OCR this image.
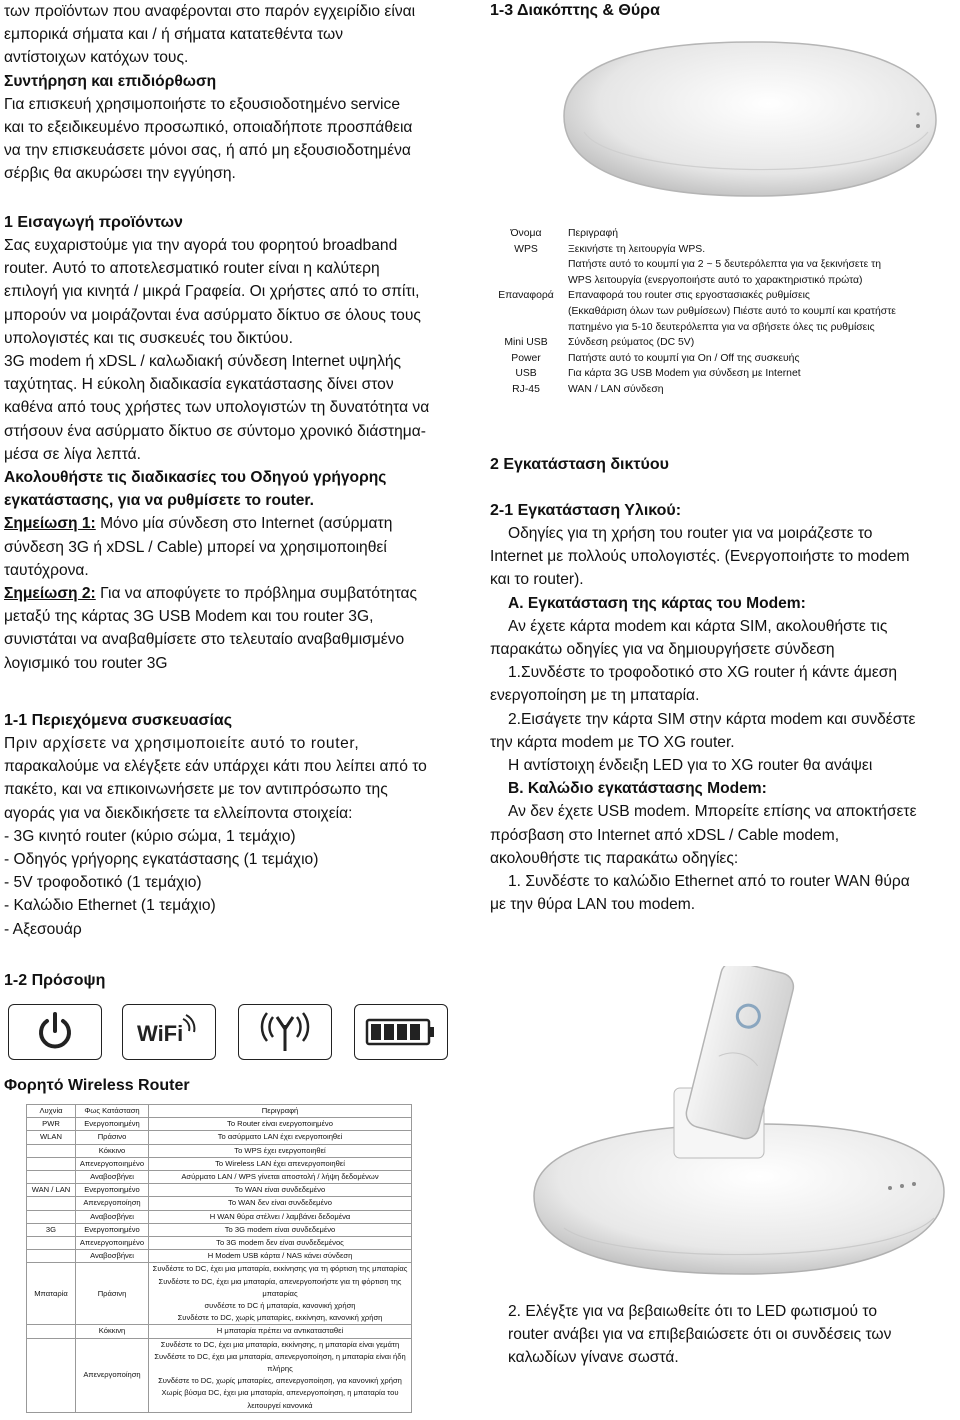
των προϊόντων που αναφέρονται στο παρόν εγχειρίδιο είναι

εμπορικά σήματα και / ή σήματα κατατεθέντα των

αντίστοιχων κατόχων τους.

Συντήρηση και επιδιόρθωση

Για επισκευή χρησιμοποιήστε το εξουσιοδοτημένο service

και το εξειδικευμένο προσωπικό, οποιαδήποτε προσπάθεια

να την επισκευάσετε μόνοι σας, ή από μη εξουσιοδοτημένα

σέρβις θα ακυρώσει την εγγύηση.

1 Εισαγωγή προϊόντων

Σας ευχαριστούμε για την αγορά του φορητού broadband

router. Αυτό το αποτελεσματικό router είναι η καλύτερη

επιλογή για κινητά / μικρά Γραφεία. Οι χρήστες από το σπίτι,

μπορούν να μοιράζονται ένα ασύρματο δίκτυο σε όλους τους

υπολογιστές και τις συσκευές του δικτύου.

3G modem ή xDSL / καλωδιακή σύνδεση Internet υψηλής

ταχύτητας. Η εύκολη διαδικασία εγκατάστασης δίνει στον

καθένα από τους χρήστες των υπολογιστών τη δυνατότητα να

στήσουν ένα ασύρματο δίκτυο σε σύντομο χρονικό διάστημα-

μέσα σε λίγα λεπτά.

Ακολουθήστε τις διαδικασίες του Οδηγού γρήγορης

εγκατάστασης, για να ρυθμίσετε το router.

Σημείωση 1: Μόνο μία σύνδεση στο Internet (ασύρματη

σύνδεση 3G ή xDSL / Cable) μπορεί να χρησιμοποιηθεί

ταυτόχρονα.

Σημείωση 2: Για να αποφύγετε το πρόβλημα συμβατότητας

μεταξύ της κάρτας 3G USB Modem και του router 3G,

συνιστάται να αναβαθμίσετε στο τελευταίο αναβαθμισμένο

λογισμικό του router 3G

1-1 Περιεχόμενα συσκευασίας

Πριν αρχίσετε να χρησιμοποιείτε αυτό το router,

παρακαλούμε να ελέγξετε εάν υπάρχει κάτι που λείπει από το

πακέτο, και να επικοινωνήσετε με τον αντιπρόσωπο της

αγοράς για να διεκδικήσετε τα ελλείποντα στοιχεία:

- 3G κινητό router (κύριο σώμα, 1 τεμάχιο)

- Οδηγός γρήγορης εγκατάστασης (1 τεμάχιο)

- 5V τροφοδοτικό (1 τεμάχιο)

- Καλώδιο Ethernet (1 τεμάχιο)

- Αξεσουάρ

1-2 Πρόσοψη
WiFi

Φορητό Wireless Router

Λυχνία	Φως Κατάσταση	Περιγραφή
PWR	Ενεργοποιημένη	Το Router είναι ενεργοποιημένο
WLAN	Πράσινο	Το ασύρματο LAN έχει ενεργοποιηθεί
	Κόκκινο	Το WPS έχει ενεργοποιηθεί
	Απενεργοποιημένο	Το Wireless LAN έχει απενεργοποιηθεί
	Αναβοσβήνει	Ασύρματο LAN / WPS γίνεται αποστολή / λήψη δεδομένων
WAN / LAN	Ενεργοποιημένο	Το WAN είναι συνδεδεμένο
	Απενεργοποίηση	Το WAN δεν είναι συνδεδεμένο
	Αναβοσβήνει	Η WAN θύρα στέλνει / λαμβάνει δεδομένα
3G	Ενεργοποιημένο	Το 3G modem είναι συνδεδεμένο
	Απενεργοποιημένο	Το 3G modem δεν είναι συνδεδεμένος
	Αναβοσβήνει	Η Modem USB κάρτα / NAS κάνει σύνδεση
Μπαταρία	Πράσινη	Συνδέστε το DC, έχει μια μπαταρία, εκκίνησης για τη φόρτιση της μπαταρίας
Συνδέστε το DC, έχει μια μπαταρία, απενεργοποιήστε για τη φόρτιση της μπαταρίας
συνδέστε το DC ή μπαταρία, κανονική χρήση
Συνδέστε το DC, χωρίς μπαταρίες, εκκίνηση, κανονική χρήση
	Κόκκινη	Η μπαταρία πρέπει να αντικατασταθεί
	Απενεργοποίηση	Συνδέστε το DC, έχει μια μπαταρία, εκκίνησης, η μπαταρία είναι γεμάτη
Συνδέστε το DC, έχει μια μπαταρία, απενεργοποίηση, η μπαταρία είναι ήδη πλήρης
Συνδέστε το DC, χωρίς μπαταρίες, απενεργοποίηση, για κανονική χρήση
Χωρίς βύσμα DC, έχει μια μπαταρία, απενεργοποίηση, η μπαταρία του λειτουργεί κανονικά
1-3 Διακόπτης & Θύρα
Όνομα	Περιγραφή
WPS	Ξεκινήστε τη λειτουργία WPS.
Πατήστε αυτό το κουμπί για 2 ~ 5 δευτερόλεπτα για να ξεκινήσετε τη
WPS λειτουργία (ενεργοποιήστε αυτό το χαρακτηριστικό πρώτα)
Επαναφορά	Επαναφορά του router στις εργοστασιακές ρυθμίσεις
(Εκκαθάριση όλων των ρυθμίσεων) Πιέστε αυτό το κουμπί και κρατήστε
πατημένο για 5-10 δευτερόλεπτα για να σβήσετε όλες τις ρυθμίσεις
Mini USB	Σύνδεση ρεύματος (DC 5V)
Power	Πατήστε αυτό το κουμπί για On / Off της συσκευής
USB	Για κάρτα 3G USB Modem για σύνδεση με Internet
RJ-45	WAN / LAN σύνδεση
2 Εγκατάσταση δικτύου
2-1 Εγκατάσταση Υλικού:

Οδηγίες για τη χρήση του router για να μοιράζεστε το

Internet με πολλούς υπολογιστές. (Ενεργοποιήστε το modem

και το router).

Α. Εγκατάσταση της κάρτας του Modem:

Αν έχετε κάρτα modem και κάρτα SIM, ακολουθήστε τις

παρακάτω οδηγίες για να δημιουργήσετε σύνδεση

1.Συνδέστε το τροφοδοτικό στο XG router ή κάντε άμεση

ενεργοποίηση με τη μπαταρία.

2.Εισάγετε την κάρτα SIM στην κάρτα modem και συνδέστε

την κάρτα modem με ΤΟ XG router.

Η αντίστοιχη ένδειξη LED για το XG router θα ανάψει

Β. Καλώδιο εγκατάστασης Modem:

Αν δεν έχετε USB modem. Μπορείτε επίσης να αποκτήσετε

πρόσβαση στο Internet από xDSL / Cable modem,

ακολουθήστε τις παρακάτω οδηγίες:

1. Συνδέστε το καλώδιο Ethernet από το router WAN θύρα

με την θύρα LAN του modem.

2. Ελέγξτε για να βεβαιωθείτε ότι το LED φωτισμού το

router ανάβει για να επιβεβαιώσετε ότι οι συνδέσεις των

καλωδίων γίνανε σωστά.
